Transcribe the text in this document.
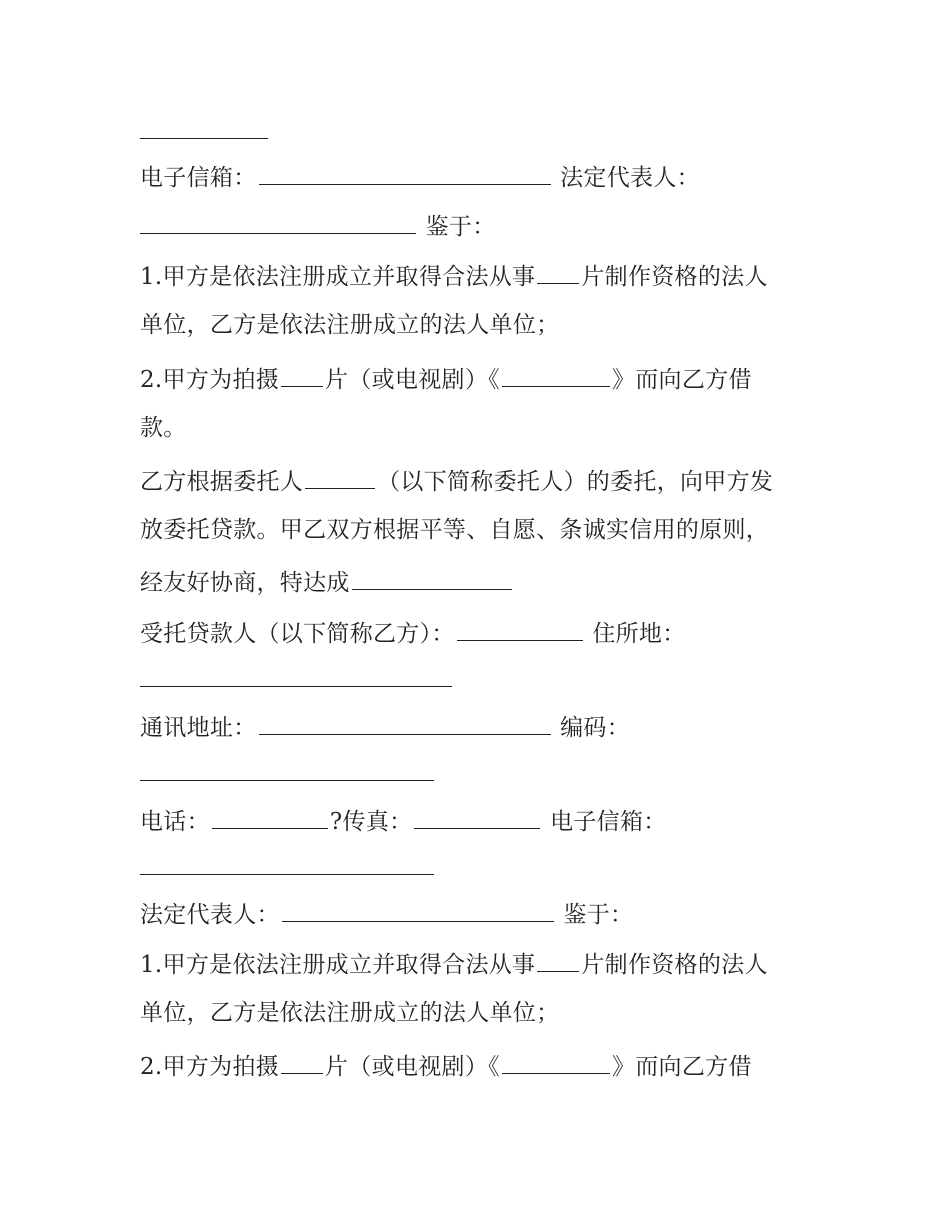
电子信箱：	法定代表人：
鉴于：
1.甲方是依法注册成立并取得合法从事 片制作资格的法人
单位，乙方是依法注册成立的法人单位；
2.甲方为拍摄 片（或电视剧）《	》而向乙方借
款。
乙方根据委托人	（以下简称委托人）的委托，向甲方发
放委托贷款。甲乙双方根据平等、自愿、条诚实信用的原则，
经友好协商，特达成
受托贷款人（以下简称乙方）：	住所地：
通讯地址：	编码：
电话：	?传真：	电子信箱：
法定代表人：	鉴于：
1.甲方是依法注册成立并取得合法从事 片制作资格的法人
单位，乙方是依法注册成立的法人单位；
2.甲方为拍摄 片（或电视剧）《	》而向乙方借
